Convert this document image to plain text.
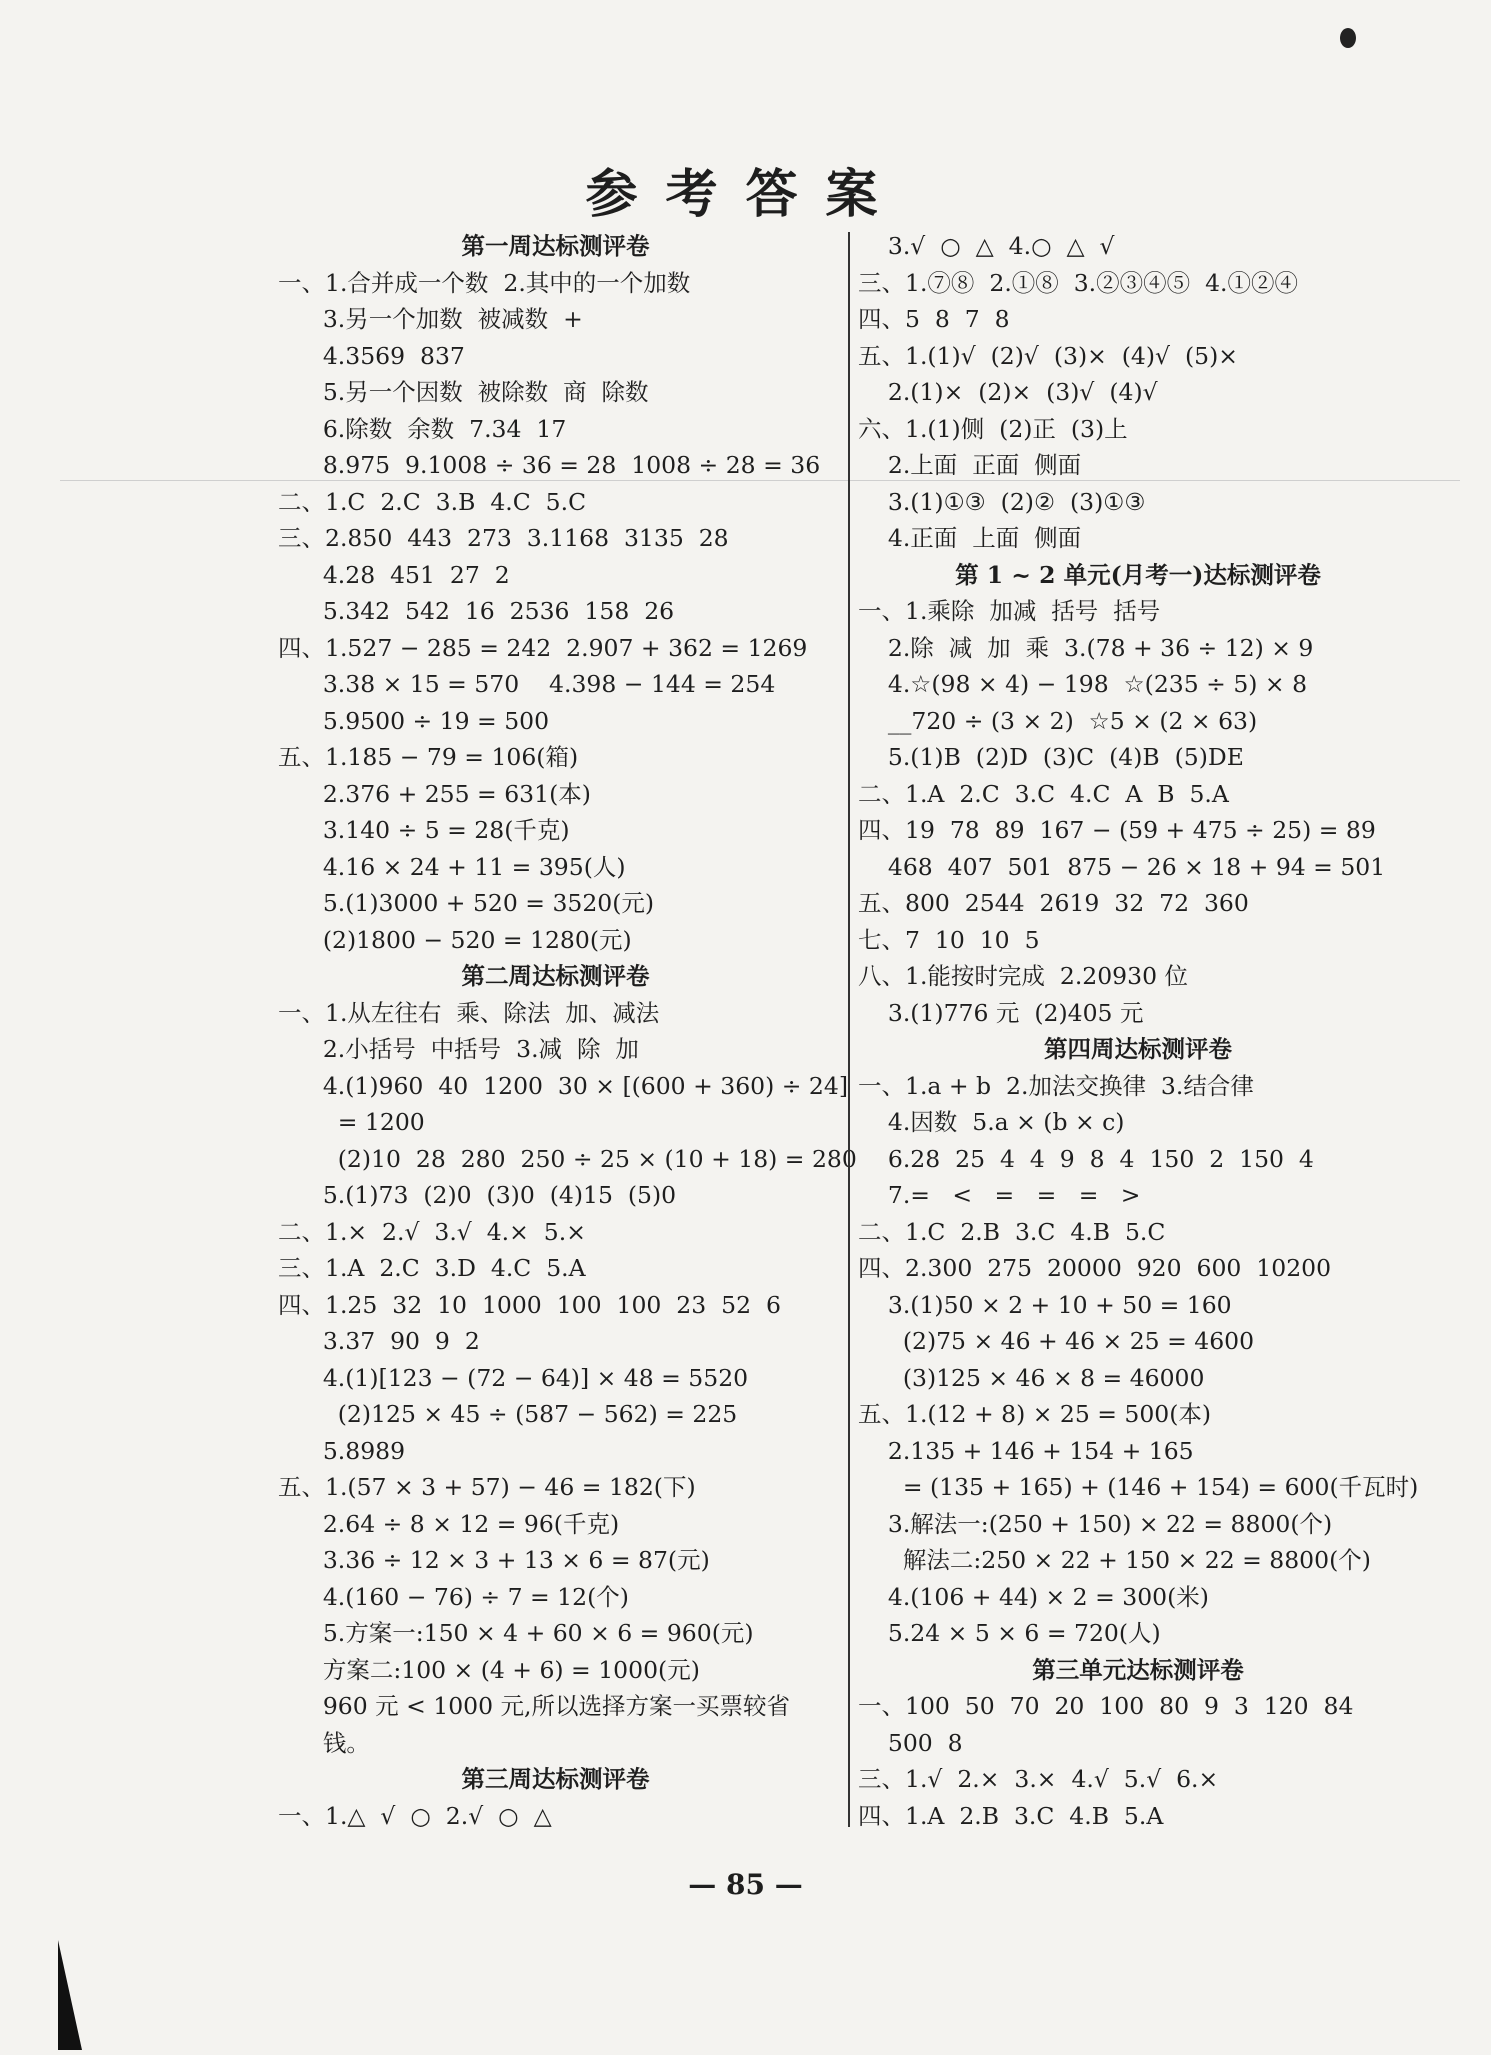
参考答案
第一周达标测评卷
一、1.合并成一个数  2.其中的一个加数
3.另一个加数  被减数  +
4.3569  837
5.另一个因数  被除数  商  除数
6.除数  余数  7.34  17
8.975  9.1008 ÷ 36 = 28  1008 ÷ 28 = 36
二、1.C  2.C  3.B  4.C  5.C
三、2.850  443  273  3.1168  3135  28
4.28  451  27  2
5.342  542  16  2536  158  26
四、1.527 − 285 = 242  2.907 + 362 = 1269
3.38 × 15 = 570    4.398 − 144 = 254
5.9500 ÷ 19 = 500
五、1.185 − 79 = 106(箱)
2.376 + 255 = 631(本)
3.140 ÷ 5 = 28(千克)
4.16 × 24 + 11 = 395(人)
5.(1)3000 + 520 = 3520(元)
(2)1800 − 520 = 1280(元)
第二周达标测评卷
一、1.从左往右  乘、除法  加、减法
2.小括号  中括号  3.减  除  加
4.(1)960  40  1200  30 × [(600 + 360) ÷ 24]
= 1200
(2)10  28  280  250 ÷ 25 × (10 + 18) = 280
5.(1)73  (2)0  (3)0  (4)15  (5)0
二、1.×  2.√  3.√  4.×  5.×
三、1.A  2.C  3.D  4.C  5.A
四、1.25  32  10  1000  100  100  23  52  6
3.37  90  9  2
4.(1)[123 − (72 − 64)] × 48 = 5520
(2)125 × 45 ÷ (587 − 562) = 225
5.8989
五、1.(57 × 3 + 57) − 46 = 182(下)
2.64 ÷ 8 × 12 = 96(千克)
3.36 ÷ 12 × 3 + 13 × 6 = 87(元)
4.(160 − 76) ÷ 7 = 12(个)
5.方案一:150 × 4 + 60 × 6 = 960(元)
方案二:100 × (4 + 6) = 1000(元)
960 元 < 1000 元,所以选择方案一买票较省
钱。
第三周达标测评卷
一、1.△  √  ○  2.√  ○  △
3.√  ○  △  4.○  △  √
三、1.⑦⑧  2.①⑧  3.②③④⑤  4.①②④
四、5  8  7  8
五、1.(1)√  (2)√  (3)×  (4)√  (5)×
2.(1)×  (2)×  (3)√  (4)√
六、1.(1)侧  (2)正  (3)上
2.上面  正面  侧面
3.(1)①③  (2)②  (3)①③
4.正面  上面  侧面
第 1 ~ 2 单元(月考一)达标测评卷
一、1.乘除  加减  括号  括号
2.除  减  加  乘  3.(78 + 36 ÷ 12) × 9
4.☆(98 × 4) − 198  ☆(235 ÷ 5) × 8
__720 ÷ (3 × 2)  ☆5 × (2 × 63)
5.(1)B  (2)D  (3)C  (4)B  (5)DE
二、1.A  2.C  3.C  4.C  A  B  5.A
四、19  78  89  167 − (59 + 475 ÷ 25) = 89
468  407  501  875 − 26 × 18 + 94 = 501
五、800  2544  2619  32  72  360
七、7  10  10  5
八、1.能按时完成  2.20930 位
3.(1)776 元  (2)405 元
第四周达标测评卷
一、1.a + b  2.加法交换律  3.结合律
4.因数  5.a × (b × c)
6.28  25  4  4  9  8  4  150  2  150  4
7.=   <   =   =   =   >
二、1.C  2.B  3.C  4.B  5.C
四、2.300  275  20000  920  600  10200
3.(1)50 × 2 + 10 + 50 = 160
(2)75 × 46 + 46 × 25 = 4600
(3)125 × 46 × 8 = 46000
五、1.(12 + 8) × 25 = 500(本)
2.135 + 146 + 154 + 165
= (135 + 165) + (146 + 154) = 600(千瓦时)
3.解法一:(250 + 150) × 22 = 8800(个)
解法二:250 × 22 + 150 × 22 = 8800(个)
4.(106 + 44) × 2 = 300(米)
5.24 × 5 × 6 = 720(人)
第三单元达标测评卷
一、100  50  70  20  100  80  9  3  120  84
500  8
三、1.√  2.×  3.×  4.√  5.√  6.×
四、1.A  2.B  3.C  4.B  5.A
— 85 —
